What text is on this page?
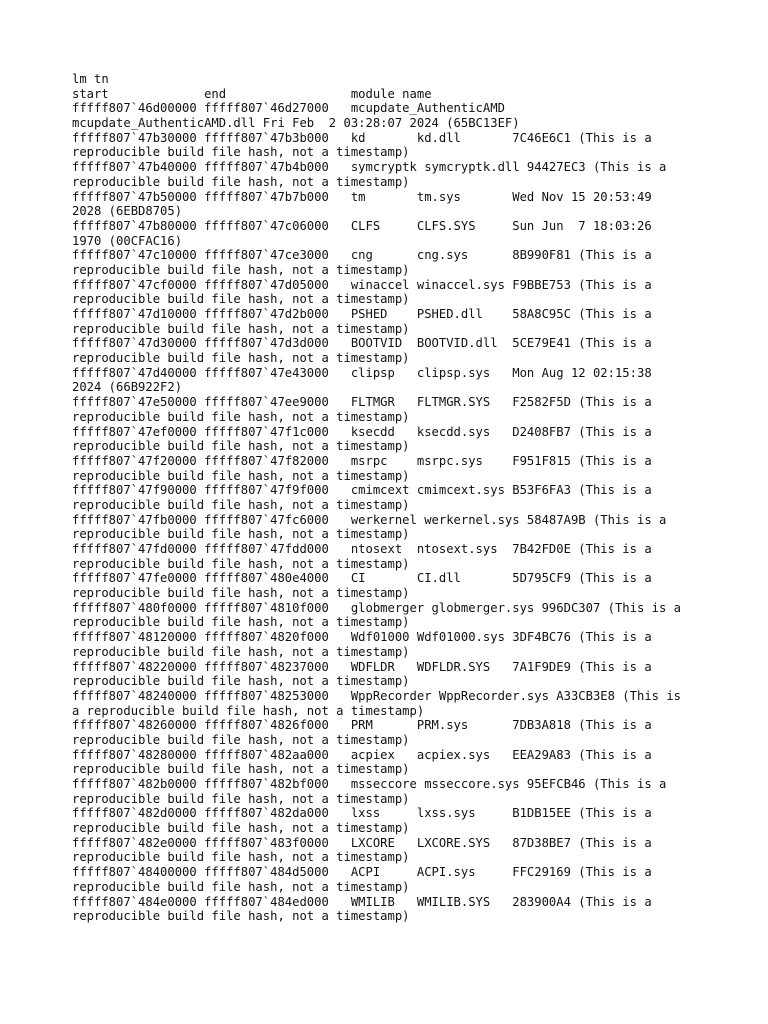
lm tn
start             end                 module name
fffff807`46d00000 fffff807`46d27000   mcupdate_AuthenticAMD
mcupdate_AuthenticAMD.dll Fri Feb  2 03:28:07 2024 (65BC13EF)
fffff807`47b30000 fffff807`47b3b000   kd       kd.dll       7C46E6C1 (This is a
reproducible build file hash, not a timestamp)
fffff807`47b40000 fffff807`47b4b000   symcryptk symcryptk.dll 94427EC3 (This is a
reproducible build file hash, not a timestamp)
fffff807`47b50000 fffff807`47b7b000   tm       tm.sys       Wed Nov 15 20:53:49
2028 (6EBD8705)
fffff807`47b80000 fffff807`47c06000   CLFS     CLFS.SYS     Sun Jun  7 18:03:26
1970 (00CFAC16)
fffff807`47c10000 fffff807`47ce3000   cng      cng.sys      8B990F81 (This is a
reproducible build file hash, not a timestamp)
fffff807`47cf0000 fffff807`47d05000   winaccel winaccel.sys F9BBE753 (This is a
reproducible build file hash, not a timestamp)
fffff807`47d10000 fffff807`47d2b000   PSHED    PSHED.dll    58A8C95C (This is a
reproducible build file hash, not a timestamp)
fffff807`47d30000 fffff807`47d3d000   BOOTVID  BOOTVID.dll  5CE79E41 (This is a
reproducible build file hash, not a timestamp)
fffff807`47d40000 fffff807`47e43000   clipsp   clipsp.sys   Mon Aug 12 02:15:38
2024 (66B922F2)
fffff807`47e50000 fffff807`47ee9000   FLTMGR   FLTMGR.SYS   F2582F5D (This is a
reproducible build file hash, not a timestamp)
fffff807`47ef0000 fffff807`47f1c000   ksecdd   ksecdd.sys   D2408FB7 (This is a
reproducible build file hash, not a timestamp)
fffff807`47f20000 fffff807`47f82000   msrpc    msrpc.sys    F951F815 (This is a
reproducible build file hash, not a timestamp)
fffff807`47f90000 fffff807`47f9f000   cmimcext cmimcext.sys B53F6FA3 (This is a
reproducible build file hash, not a timestamp)
fffff807`47fb0000 fffff807`47fc6000   werkernel werkernel.sys 58487A9B (This is a
reproducible build file hash, not a timestamp)
fffff807`47fd0000 fffff807`47fdd000   ntosext  ntosext.sys  7B42FD0E (This is a
reproducible build file hash, not a timestamp)
fffff807`47fe0000 fffff807`480e4000   CI       CI.dll       5D795CF9 (This is a
reproducible build file hash, not a timestamp)
fffff807`480f0000 fffff807`4810f000   globmerger globmerger.sys 996DC307 (This is a
reproducible build file hash, not a timestamp)
fffff807`48120000 fffff807`4820f000   Wdf01000 Wdf01000.sys 3DF4BC76 (This is a
reproducible build file hash, not a timestamp)
fffff807`48220000 fffff807`48237000   WDFLDR   WDFLDR.SYS   7A1F9DE9 (This is a
reproducible build file hash, not a timestamp)
fffff807`48240000 fffff807`48253000   WppRecorder WppRecorder.sys A33CB3E8 (This is
a reproducible build file hash, not a timestamp)
fffff807`48260000 fffff807`4826f000   PRM      PRM.sys      7DB3A818 (This is a
reproducible build file hash, not a timestamp)
fffff807`48280000 fffff807`482aa000   acpiex   acpiex.sys   EEA29A83 (This is a
reproducible build file hash, not a timestamp)
fffff807`482b0000 fffff807`482bf000   msseccore msseccore.sys 95EFCB46 (This is a
reproducible build file hash, not a timestamp)
fffff807`482d0000 fffff807`482da000   lxss     lxss.sys     B1DB15EE (This is a
reproducible build file hash, not a timestamp)
fffff807`482e0000 fffff807`483f0000   LXCORE   LXCORE.SYS   87D38BE7 (This is a
reproducible build file hash, not a timestamp)
fffff807`48400000 fffff807`484d5000   ACPI     ACPI.sys     FFC29169 (This is a
reproducible build file hash, not a timestamp)
fffff807`484e0000 fffff807`484ed000   WMILIB   WMILIB.SYS   283900A4 (This is a
reproducible build file hash, not a timestamp)
